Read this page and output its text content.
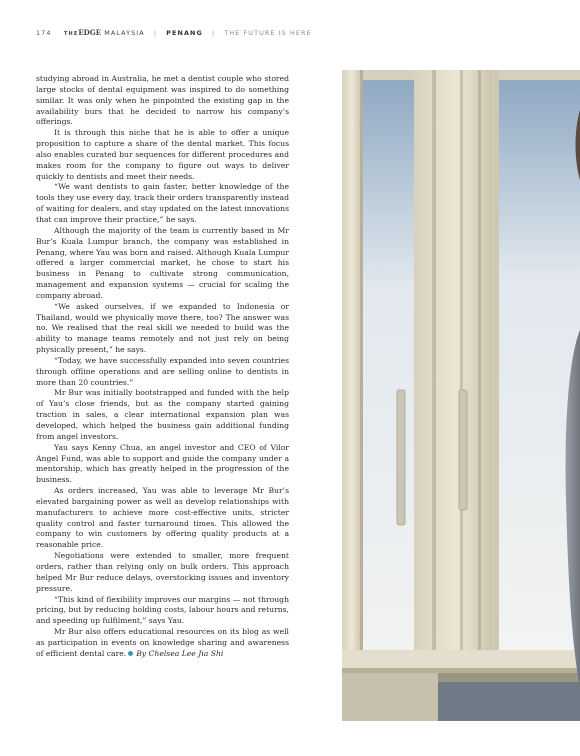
174	THEEDGE MALAYSIA | PENANG | THE FUTURE IS HERE

studying abroad in Australia, he met a dentist couple who stored large stocks of dental equipment was inspired to do something similar. It was only when he pinpointed the existing gap in the availability burs that he decided to narrow his company’s offerings.

It is through this niche that he is able to offer a unique proposition to capture a share of the dental market. This focus also enables curated bur sequences for different procedures and makes room for the company to figure out ways to deliver quickly to dentists and meet their needs.

“We want dentists to gain faster, better knowledge of the tools they use every day, track their orders transparently instead of waiting for dealers, and stay updated on the latest innovations that can improve their practice,” he says.

Although the majority of the team is currently based in Mr Bur’s Kuala Lumpur branch, the company was established in Penang, where Yau was born and raised. Although Kuala Lumpur offered a larger commercial market, he chose to start his business in Penang to cultivate strong communication, management and expansion systems — crucial for scaling the company abroad.

“We asked ourselves, if we expanded to Indonesia or Thailand, would we physically move there, too? The answer was no. We realised that the real skill we needed to build was the ability to manage teams remotely and not just rely on being physically present,” he says.

“Today, we have successfully expanded into seven countries through offline operations and are selling online to dentists in more than 20 countries.”

Mr Bur was initially bootstrapped and funded with the help of Yau’s close friends, but as the company started gaining traction in sales, a clear international expansion plan was developed, which helped the business gain additional funding from angel investors.

Yau says Kenny Chua, an angel investor and CEO of Vilor Angel Fund, was able to support and guide the company under a mentorship, which has greatly helped in the progression of the business.

As orders increased, Yau was able to leverage Mr Bur’s elevated bargaining power as well as develop relationships with manufacturers to achieve more cost-effective units, stricter quality control and faster turnaround times. This allowed the company to win customers by offering quality products at a reasonable price.

Negotiations were extended to smaller, more frequent orders, rather than relying only on bulk orders. This approach helped Mr Bur reduce delays, overstocking issues and inventory pressure.

“This kind of flexibility improves our margins — not through pricing, but by reducing holding costs, labour hours and returns, and speeding up fulfilment,” says Yau.

Mr Bur also offers educational resources on its blog as well as participation in events on knowledge sharing and awareness of efficient dental care. By Chelsea Lee Jia Shi
